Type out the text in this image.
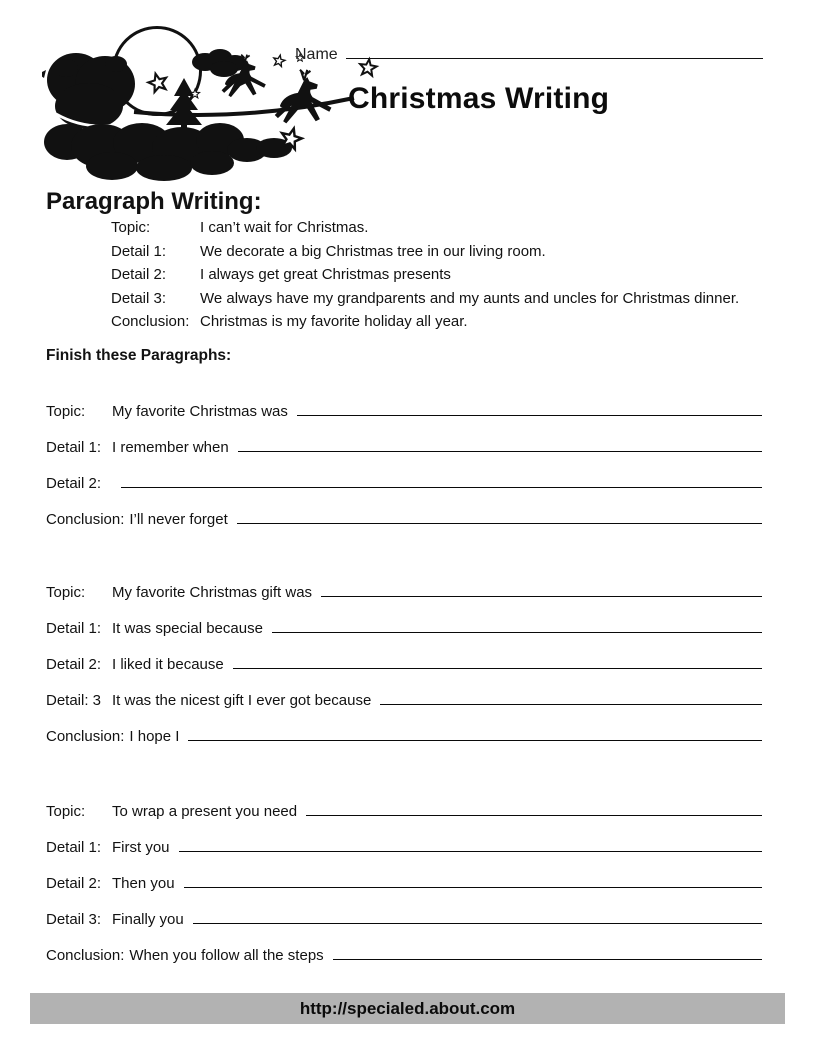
Name
Christmas Writing
Paragraph Writing:
Topic:	I can’t wait for Christmas.
Detail 1:	We decorate a big Christmas tree in our living room.
Detail 2:	I always get great Christmas presents
Detail 3:	We always have my grandparents and my aunts and uncles for Christmas dinner.
Conclusion: Christmas is my favorite holiday all year.
Finish these Paragraphs:
Topic:	My favorite Christmas was
Detail 1: I remember when
Detail 2:
Conclusion: I’ll never forget
Topic:	My favorite Christmas gift was
Detail 1: It was special because
Detail 2: I liked it because
Detail: 3 It was the nicest gift I ever got because
Conclusion: I hope I
Topic:	To wrap a present you need
Detail 1: First you
Detail 2: Then you
Detail 3: Finally you
Conclusion: When you follow all the steps
http://specialed.about.com
